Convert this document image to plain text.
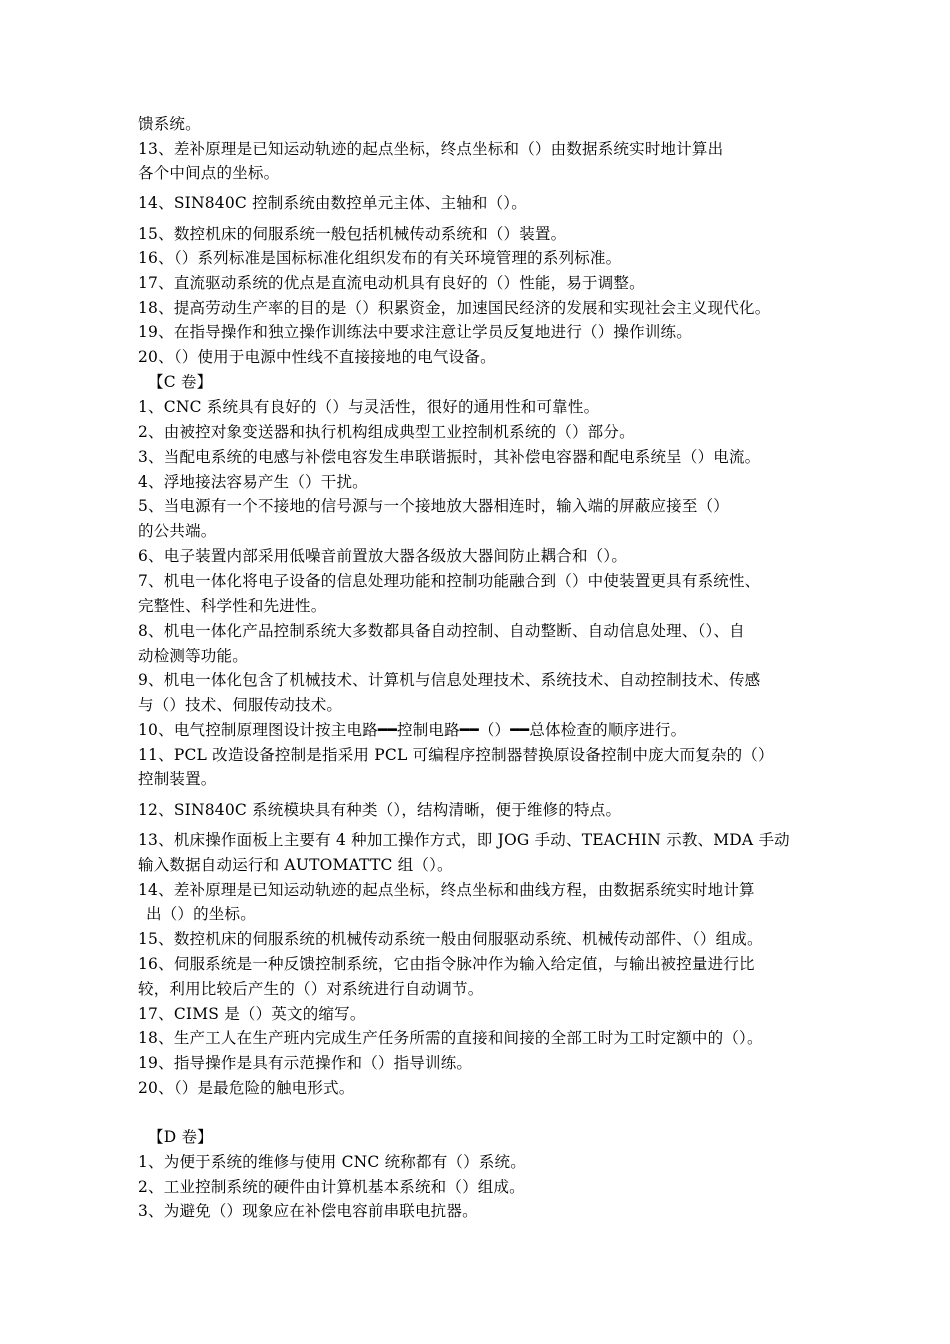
馈系统。
13、差补原理是已知运动轨迹的起点坐标，终点坐标和（）由数据系统实时地计算出
各个中间点的坐标。
14、SIN840C 控制系统由数控单元主体、主轴和（）。
15、数控机床的伺服系统一般包括机械传动系统和（）装置。
16、（）系列标准是国标标准化组织发布的有关环境管理的系列标准。
17、直流驱动系统的优点是直流电动机具有良好的（）性能，易于调整。
18、提高劳动生产率的目的是（）积累资金，加速国民经济的发展和实现社会主义现代化。
19、在指导操作和独立操作训练法中要求注意让学员反复地进行（）操作训练。
20、（）使用于电源中性线不直接接地的电气设备。
【C 卷】
1、CNC 系统具有良好的（）与灵活性，很好的通用性和可靠性。
2、由被控对象变送器和执行机构组成典型工业控制机系统的（）部分。
3、当配电系统的电感与补偿电容发生串联谐振时，其补偿电容器和配电系统呈（）电流。
4、浮地接法容易产生（）干扰。
5、当电源有一个不接地的信号源与一个接地放大器相连时，输入端的屏蔽应接至（）
的公共端。
6、电子装置内部采用低噪音前置放大器各级放大器间防止耦合和（）。
7、机电一体化将电子设备的信息处理功能和控制功能融合到（）中使装置更具有系统性、
完整性、科学性和先进性。
8、机电一体化产品控制系统大多数都具备自动控制、自动整断、自动信息处理、（）、自
动检测等功能。
9、机电一体化包含了机械技术、计算机与信息处理技术、系统技术、自动控制技术、传感
与（）技术、伺服传动技术。
10、电气控制原理图设计按主电路━━控制电路━━（）━━总体检查的顺序进行。
11、PCL 改造设备控制是指采用 PCL 可编程序控制器替换原设备控制中庞大而复杂的（）
控制装置。
12、SIN840C 系统模块具有种类（），结构清晰，便于维修的特点。
13、机床操作面板上主要有 4 种加工操作方式，即 JOG 手动、TEACHIN 示教、MDA 手动
输入数据自动运行和 AUTOMATTC 组（）。
14、差补原理是已知运动轨迹的起点坐标，终点坐标和曲线方程，由数据系统实时地计算
出（）的坐标。
15、数控机床的伺服系统的机械传动系统一般由伺服驱动系统、机械传动部件、（）组成。
16、伺服系统是一种反馈控制系统，它由指令脉冲作为输入给定值，与输出被控量进行比
较，利用比较后产生的（）对系统进行自动调节。
17、CIMS 是（）英文的缩写。
18、生产工人在生产班内完成生产任务所需的直接和间接的全部工时为工时定额中的（）。
19、指导操作是具有示范操作和（）指导训练。
20、（）是最危险的触电形式。
【D 卷】
1、为便于系统的维修与使用 CNC 统称都有（）系统。
2、工业控制系统的硬件由计算机基本系统和（）组成。
3、为避免（）现象应在补偿电容前串联电抗器。
